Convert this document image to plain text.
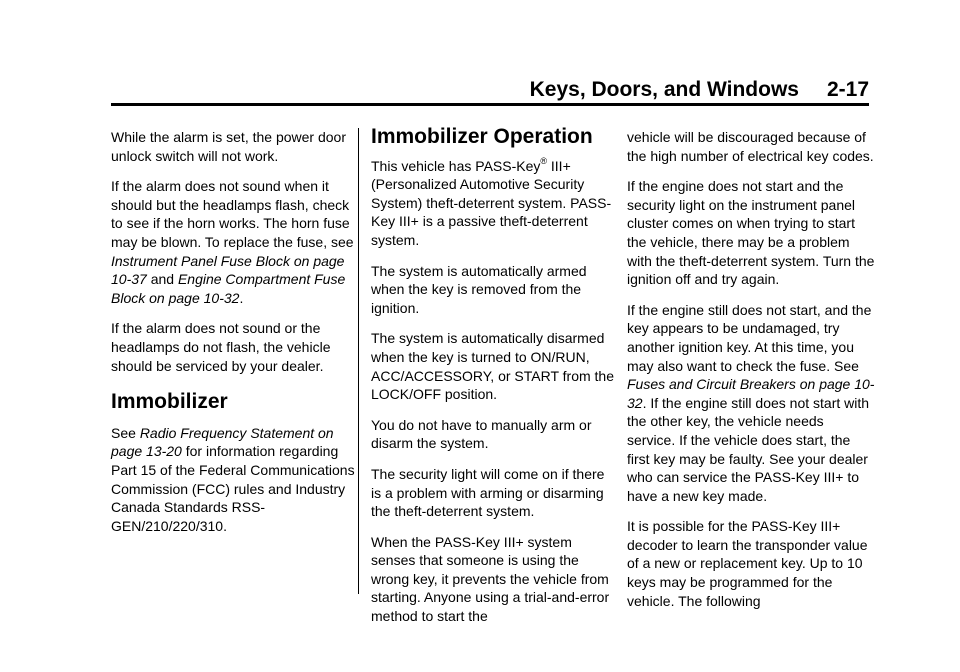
Keys, Doors, and Windows 2-17

While the alarm is set, the power door unlock switch will not work.

If the alarm does not sound when it should but the headlamps flash, check to see if the horn works. The horn fuse may be blown. To replace the fuse, see Instrument Panel Fuse Block on page 10-37 and Engine Compartment Fuse Block on page 10-32.

If the alarm does not sound or the headlamps do not flash, the vehicle should be serviced by your dealer.

Immobilizer

See Radio Frequency Statement on page 13-20 for information regarding Part 15 of the Federal Communications Commission (FCC) rules and Industry Canada Standards RSS-GEN/210/220/310.

Immobilizer Operation

This vehicle has PASS-Key® III+ (Personalized Automotive Security System) theft-deterrent system. PASS-Key III+ is a passive theft-deterrent system.

The system is automatically armed when the key is removed from the ignition.

The system is automatically disarmed when the key is turned to ON/RUN, ACC/ACCESSORY, or START from the LOCK/OFF position.

You do not have to manually arm or disarm the system.

The security light will come on if there is a problem with arming or disarming the theft-deterrent system.

When the PASS-Key III+ system senses that someone is using the wrong key, it prevents the vehicle from starting. Anyone using a trial-and-error method to start the

vehicle will be discouraged because of the high number of electrical key codes.

If the engine does not start and the security light on the instrument panel cluster comes on when trying to start the vehicle, there may be a problem with the theft-deterrent system. Turn the ignition off and try again.

If the engine still does not start, and the key appears to be undamaged, try another ignition key. At this time, you may also want to check the fuse. See Fuses and Circuit Breakers on page 10-32. If the engine still does not start with the other key, the vehicle needs service. If the vehicle does start, the first key may be faulty. See your dealer who can service the PASS-Key III+ to have a new key made.

It is possible for the PASS-Key III+ decoder to learn the transponder value of a new or replacement key. Up to 10 keys may be programmed for the vehicle. The following
